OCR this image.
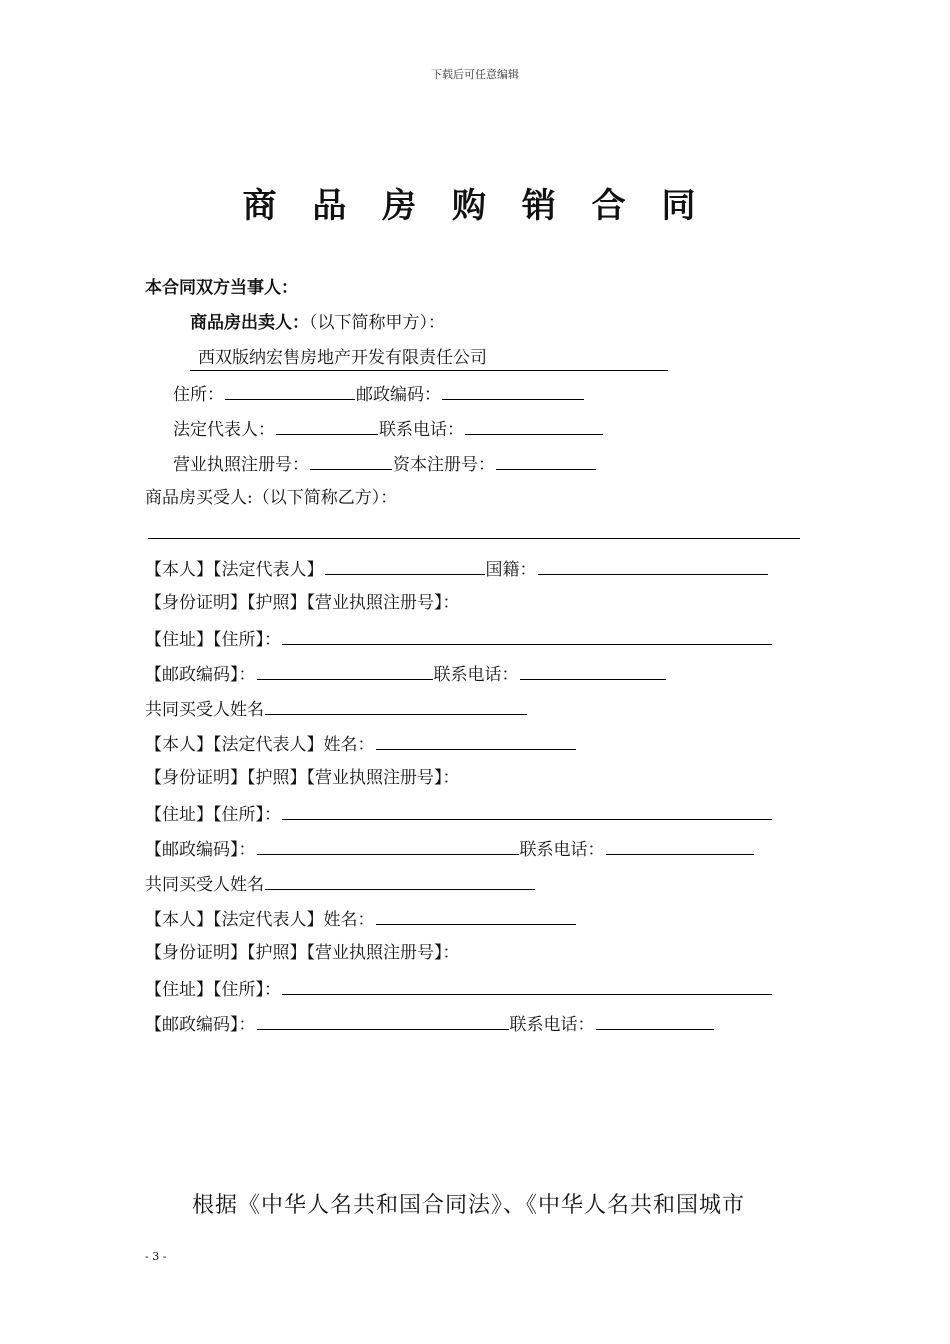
下载后可任意编辑
商 品 房 购 销 合 同
本合同双方当事人：
商品房出卖人：（以下简称甲方）：
西双版纳宏售房地产开发有限责任公司
住所：	邮政编码：
法定代表人：	联系电话：
营业执照注册号：	资本注册号：
商品房买受人:（以下简称乙方）：
【本人】【法定代表人】	国籍：
【身份证明】【护照】【营业执照注册号】：
【住址】【住所】：
【邮政编码】：	联系电话：
共同买受人姓名
【本人】【法定代表人】姓名：
【身份证明】【护照】【营业执照注册号】：
【住址】【住所】：
【邮政编码】：	联系电话：
共同买受人姓名
【本人】【法定代表人】姓名：
【身份证明】【护照】【营业执照注册号】：
【住址】【住所】：
【邮政编码】：	联系电话：
根据《中华人名共和国合同法》、《中华人名共和国城市
- 3 -
